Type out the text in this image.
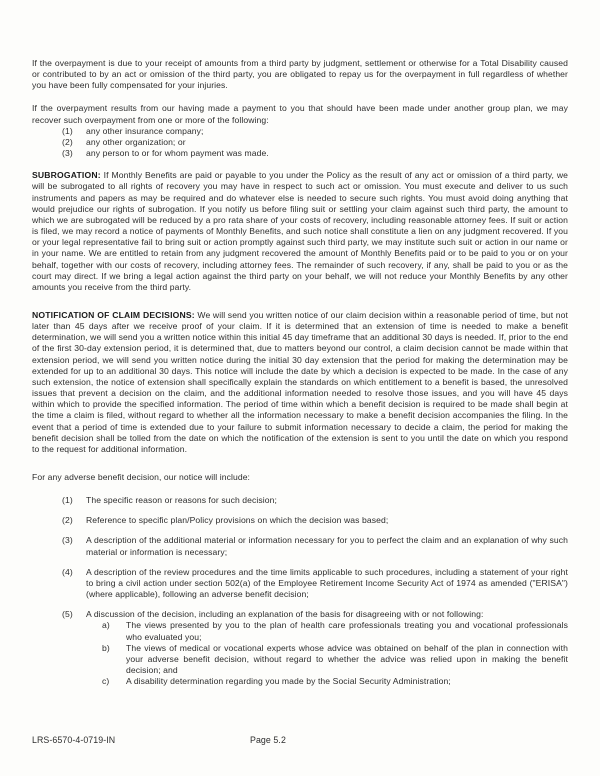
If the overpayment is due to your receipt of amounts from a third party by judgment, settlement or otherwise for a Total Disability caused or contributed to by an act or omission of the third party, you are obligated to repay us for the overpayment in full regardless of whether you have been fully compensated for your injuries.

If the overpayment results from our having made a payment to you that should have been made under another group plan, we may recover such overpayment from one or more of the following:

(1)	any other insurance company;
(2)	any other organization; or
(3)	any person to or for whom payment was made.

SUBROGATION: If Monthly Benefits are paid or payable to you under the Policy as the result of any act or omission of a third party, we will be subrogated to all rights of recovery you may have in respect to such act or omission. You must execute and deliver to us such instruments and papers as may be required and do whatever else is needed to secure such rights. You must avoid doing anything that would prejudice our rights of subrogation. If you notify us before filing suit or settling your claim against such third party, the amount to which we are subrogated will be reduced by a pro rata share of your costs of recovery, including reasonable attorney fees. If suit or action is filed, we may record a notice of payments of Monthly Benefits, and such notice shall constitute a lien on any judgment recovered. If you or your legal representative fail to bring suit or action promptly against such third party, we may institute such suit or action in our name or in your name. We are entitled to retain from any judgment recovered the amount of Monthly Benefits paid or to be paid to you or on your behalf, together with our costs of recovery, including attorney fees. The remainder of such recovery, if any, shall be paid to you or as the court may direct. If we bring a legal action against the third party on your behalf, we will not reduce your Monthly Benefits by any other amounts you receive from the third party.

NOTIFICATION OF CLAIM DECISIONS: We will send you written notice of our claim decision within a reasonable period of time, but not later than 45 days after we receive proof of your claim. If it is determined that an extension of time is needed to make a benefit determination, we will send you a written notice within this initial 45 day timeframe that an additional 30 days is needed. If, prior to the end of the first 30-day extension period, it is determined that, due to matters beyond our control, a claim decision cannot be made within that extension period, we will send you written notice during the initial 30 day extension that the period for making the determination may be extended for up to an additional 30 days. This notice will include the date by which a decision is expected to be made. In the case of any such extension, the notice of extension shall specifically explain the standards on which entitlement to a benefit is based, the unresolved issues that prevent a decision on the claim, and the additional information needed to resolve those issues, and you will have 45 days within which to provide the specified information. The period of time within which a benefit decision is required to be made shall begin at the time a claim is filed, without regard to whether all the information necessary to make a benefit decision accompanies the filing. In the event that a period of time is extended due to your failure to submit information necessary to decide a claim, the period for making the benefit decision shall be tolled from the date on which the notification of the extension is sent to you until the date on which you respond to the request for additional information.

For any adverse benefit decision, our notice will include:

(1)	The specific reason or reasons for such decision;
(2)	Reference to specific plan/Policy provisions on which the decision was based;
(3)	A description of the additional material or information necessary for you to perfect the claim and an explanation of why such material or information is necessary;
(4)	A description of the review procedures and the time limits applicable to such procedures, including a statement of your right to bring a civil action under section 502(a) of the Employee Retirement Income Security Act of 1974 as amended ("ERISA") (where applicable), following an adverse benefit decision;
(5)	A discussion of the decision, including an explanation of the basis for disagreeing with or not following:
a)	The views presented by you to the plan of health care professionals treating you and vocational professionals who evaluated you;
b)	The views of medical or vocational experts whose advice was obtained on behalf of the plan in connection with your adverse benefit decision, without regard to whether the advice was relied upon in making the benefit decision; and
c)	A disability determination regarding you made by the Social Security Administration;
LRS-6570-4-0719-IN	Page 5.2
